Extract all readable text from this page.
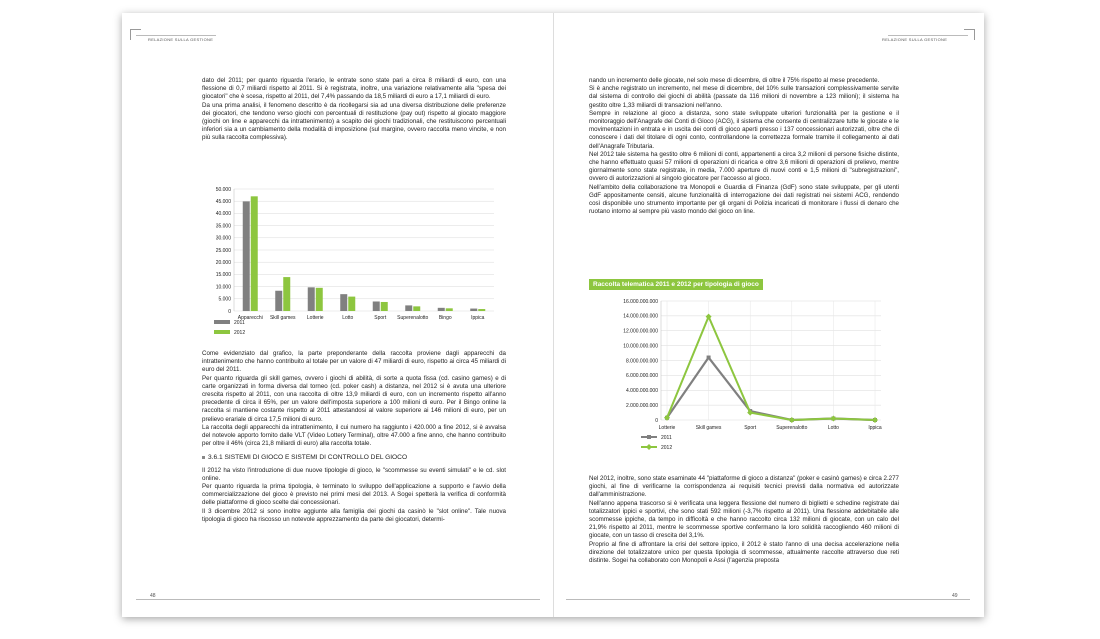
RELAZIONE SULLA GESTIONE	RELAZIONE SULLA GESTIONE
48	49

dato del 2011; per quanto riguarda l'erario, le entrate sono state pari a circa 8 miliardi di euro, con una flessione di 0,7 miliardi rispetto al 2011. Si è registrata, inoltre, una variazione relativamente alla "spesa dei giocatori" che è scesa, rispetto al 2011, del 7,4% passando da 18,5 miliardi di euro a 17,1 miliardi di euro.

Da una prima analisi, il fenomeno descritto è da ricollegarsi sia ad una diversa distribuzione delle preferenze dei giocatori, che tendono verso giochi con percentuali di restituzione (pay out) rispetto al giocato maggiore (giochi on line e apparecchi da intrattenimento) a scapito dei giochi tradizionali, che restituiscono percentuali inferiori sia a un cambiamento della modalità di imposizione (sul margine, ovvero raccolta meno vincite, e non più sulla raccolta complessiva).

50.000
45.000
40.000
35.000
30.000
25.000
20.000
15.000
10.000
5.000
0
Apparecchi Skill games Lotterie	Lotto	Sport Superenalotto Bingo	Ippica
2011
2012

Come evidenziato dal grafico, la parte preponderante della raccolta proviene dagli apparecchi da intrattenimento che hanno contribuito al totale per un valore di 47 miliardi di euro, rispetto ai circa 45 miliardi di euro del 2011.

Per quanto riguarda gli skill games, ovvero i giochi di abilità, di sorte a quota fissa (cd. casino games) e di carte organizzati in forma diversa dal torneo (cd. poker cash) a distanza, nel 2012 si è avuta una ulteriore crescita rispetto al 2011, con una raccolta di oltre 13,9 miliardi di euro, con un incremento rispetto all'anno precedente di circa il 65%, per un valore dell'imposta superiore a 100 milioni di euro. Per il Bingo online la raccolta si mantiene costante rispetto al 2011 attestandosi al valore superiore ai 146 milioni di euro, per un prelievo erariale di circa 17,5 milioni di euro.

La raccolta degli apparecchi da intrattenimento, il cui numero ha raggiunto i 420.000 a fine 2012, si è avvalsa del notevole apporto fornito dalle VLT (Video Lottery Terminal), oltre 47.000 a fine anno, che hanno contribuito per oltre il 46% (circa 21,8 miliardi di euro) alla raccolta totale.

3.6.1 SISTEMI DI GIOCO E SISTEMI DI CONTROLLO DEL GIOCO

Il 2012 ha visto l'introduzione di due nuove tipologie di gioco, le "scommesse su eventi simulati" e le cd. slot online.

Per quanto riguarda la prima tipologia, è terminato lo sviluppo dell'applicazione a supporto e l'avvio della commercializzazione del gioco è previsto nei primi mesi del 2013. A Sogei spetterà la verifica di conformità delle piattaforme di gioco scelte dai concessionari.

Il 3 dicembre 2012 si sono inoltre aggiunte alla famiglia dei giochi da casinò le "slot online". Tale nuova tipologia di gioco ha riscosso un notevole apprezzamento da parte dei giocatori, determi-

nando un incremento delle giocate, nel solo mese di dicembre, di oltre il 75% rispetto al mese precedente.

Si è anche registrato un incremento, nel mese di dicembre, del 10% sulle transazioni complessivamente servite dal sistema di controllo dei giochi di abilità (passate da 116 milioni di novembre a 123 milioni); il sistema ha gestito oltre 1,33 miliardi di transazioni nell'anno.

Sempre in relazione al gioco a distanza, sono state sviluppate ulteriori funzionalità per la gestione e il monitoraggio dell'Anagrafe dei Conti di Gioco (ACG), il sistema che consente di centralizzare tutte le giocate e le movimentazioni in entrata e in uscita dei conti di gioco aperti presso i 137 concessionari autorizzati, oltre che di conoscere i dati del titolare di ogni conto, controllandone la correttezza formale tramite il collegamento ai dati dell'Anagrafe Tributaria.

Nel 2012 tale sistema ha gestito oltre 6 milioni di conti, appartenenti a circa 3,2 milioni di persone fisiche distinte, che hanno effettuato quasi 57 milioni di operazioni di ricarica e oltre 3,6 milioni di operazioni di prelievo, mentre giornalmente sono state registrate, in media, 7.000 aperture di nuovi conti e 1,5 milioni di "subregistrazioni", ovvero di autorizzazioni al singolo giocatore per l'accesso al gioco.

Nell'ambito della collaborazione tra Monopoli e Guardia di Finanza (GdF) sono state sviluppate, per gli utenti GdF appositamente censiti, alcune funzionalità di interrogazione dei dati registrati nei sistemi ACG, rendendo così disponibile uno strumento importante per gli organi di Polizia incaricati di monitorare i flussi di denaro che ruotano intorno al sempre più vasto mondo del gioco on line.

Raccolta telematica 2011 e 2012 per tipologia di gioco
16.000.000.000
14.000.000.000
12.000.000.000
10.000.000.000
8.000.000.000
6.000.000.000
4.000.000.000
2.000.000.000
0
Lotterie	Skill games	Sport	Superenalotto	Lotto	Ippica
2011
2012

Nel 2012, inoltre, sono state esaminate 44 "piattaforme di gioco a distanza" (poker e casinò games) e circa 2.277 giochi, al fine di verificarne la corrispondenza ai requisiti tecnici previsti dalla normativa ed autorizzate dall'amministrazione.

Nell'anno appena trascorso si è verificata una leggera flessione del numero di biglietti e schedine registrate dai totalizzatori ippici e sportivi, che sono stati 592 milioni (-3,7% rispetto al 2011). Una flessione addebitabile alle scommesse ippiche, da tempo in difficoltà e che hanno raccolto circa 132 milioni di giocate, con un calo del 21,9% rispetto al 2011, mentre le scommesse sportive confermano la loro solidità raccogliendo 460 milioni di giocate, con un tasso di crescita del 3,1%.

Proprio al fine di affrontare la crisi del settore ippico, il 2012 è stato l'anno di una decisa accelerazione nella direzione del totalizzatore unico per questa tipologia di scommesse, attualmente raccolte attraverso due reti distinte. Sogei ha collaborato con Monopoli e Assi (l'agenzia preposta
